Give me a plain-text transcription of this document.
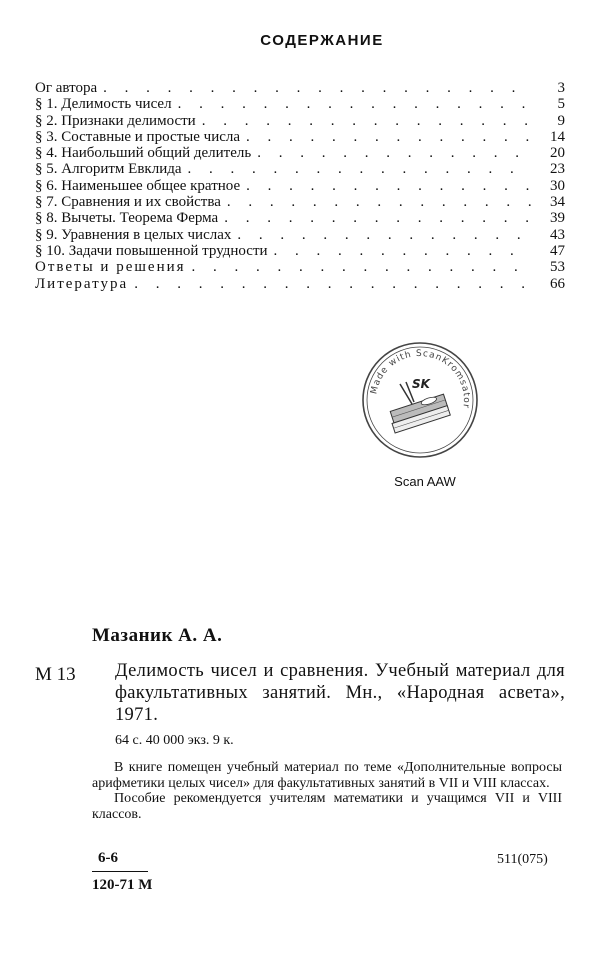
СОДЕРЖАНИЕ
Ог автора . . .	3
§ 1. Делимость чисел . . .	5
§ 2. Признаки делимости . . .	9
§ 3. Составные и простые числа . . .	14
§ 4. Наибольший общий делитель . . .	20
§ 5. Алгоритм Евклида . . .	23
§ 6. Наименьшее общее кратное . . .	30
§ 7. Сравнения и их свойства . . .	34
§ 8. Вычеты. Теорема Ферма . . .	39
§ 9. Уравнения в целых числах . . .	43
§ 10. Задачи повышенной трудности . . .	47
Ответы и решения . . .	53
Литература . . .	66
Made with ScanKromsator
SK
Scan AAW
Мазаник А. А.
М 13 Делимость чисел и сравнения. Учебный материал для факультативных занятий. Мн., «Народная асвета», 1971.
64 с. 40 000 экз. 9 к.

В книге помещен учебный материал по теме «Дополнительные вопросы арифметики целых чисел» для факультативных занятий в VII и VIII классах.

Пособие рекомендуется учителям математики и учащимся VII и VIII классов.

6-6	511(075)
120-71 М
